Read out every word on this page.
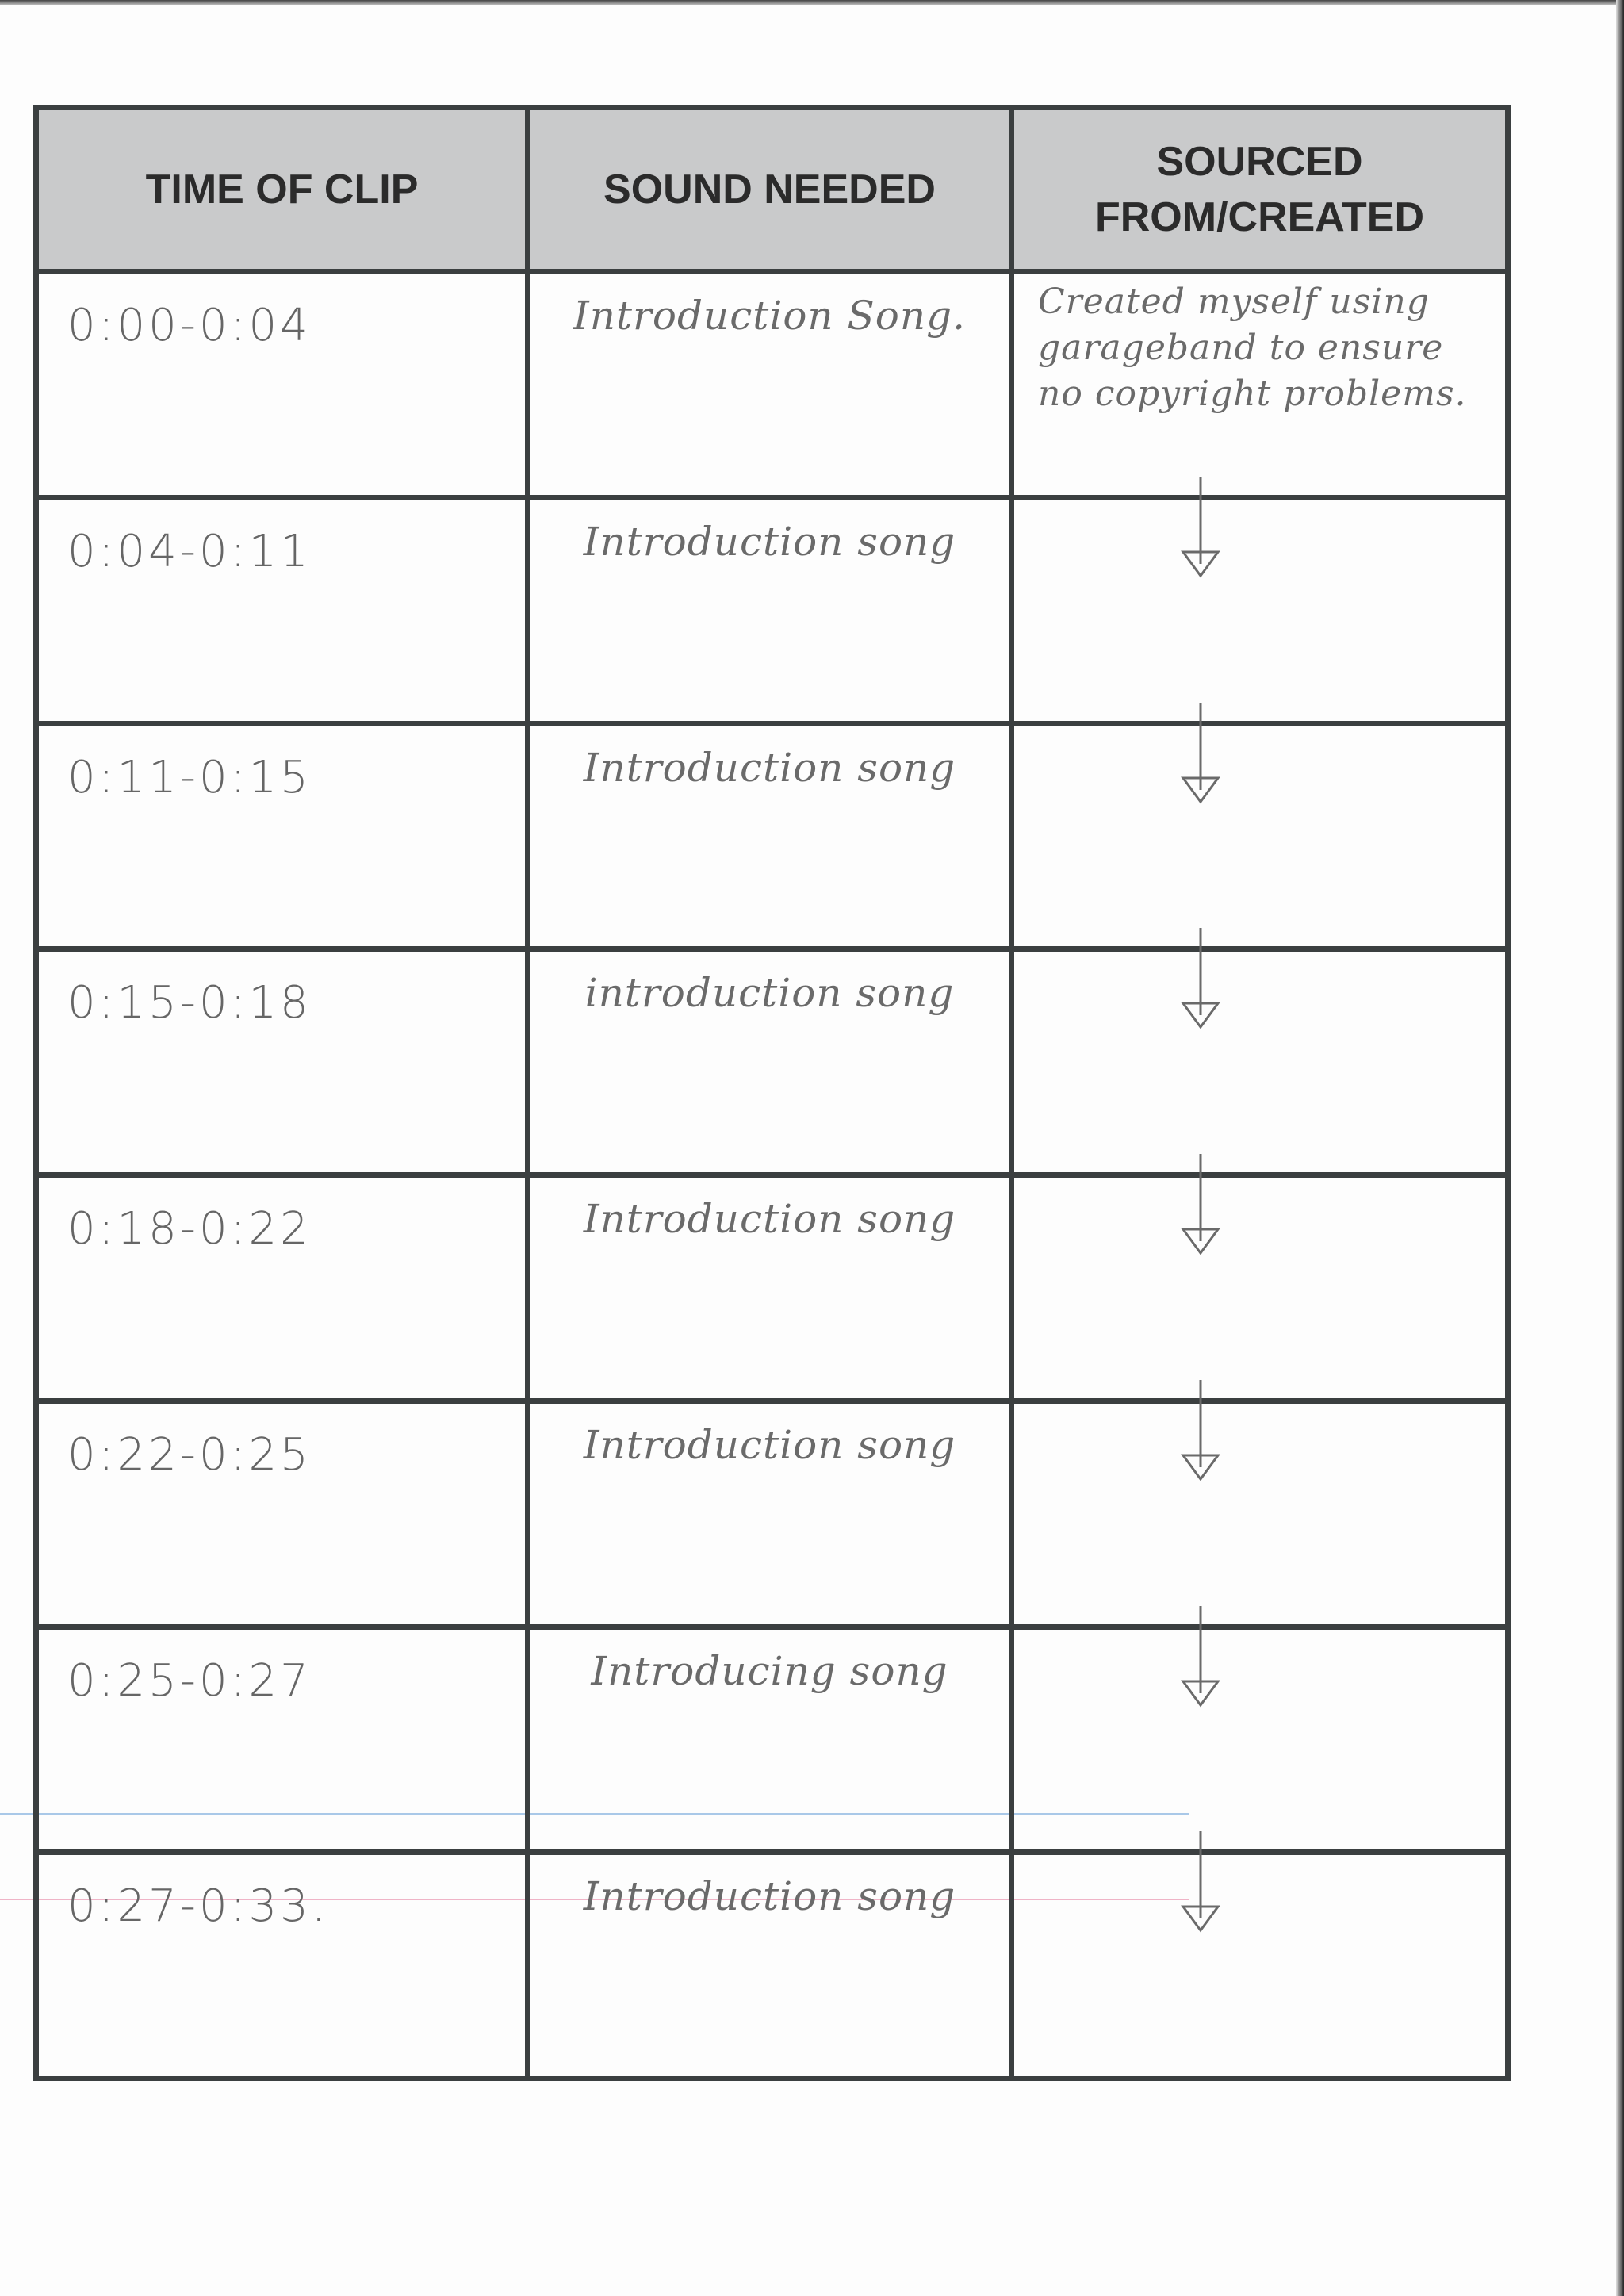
TIME OF CLIP	SOUND NEEDED	SOURCED
FROM/CREATED

0:00-0:04	Introduction Song.	Created myself using garageband to ensure no copyright problems.

0:04-0:11	Introduction song

0:11-0:15	Introduction song

0:15-0:18	introduction song

0:18-0:22	Introduction song

0:22-0:25	Introduction song

0:25-0:27	Introducing song

0:27-0:33.	Introduction song
